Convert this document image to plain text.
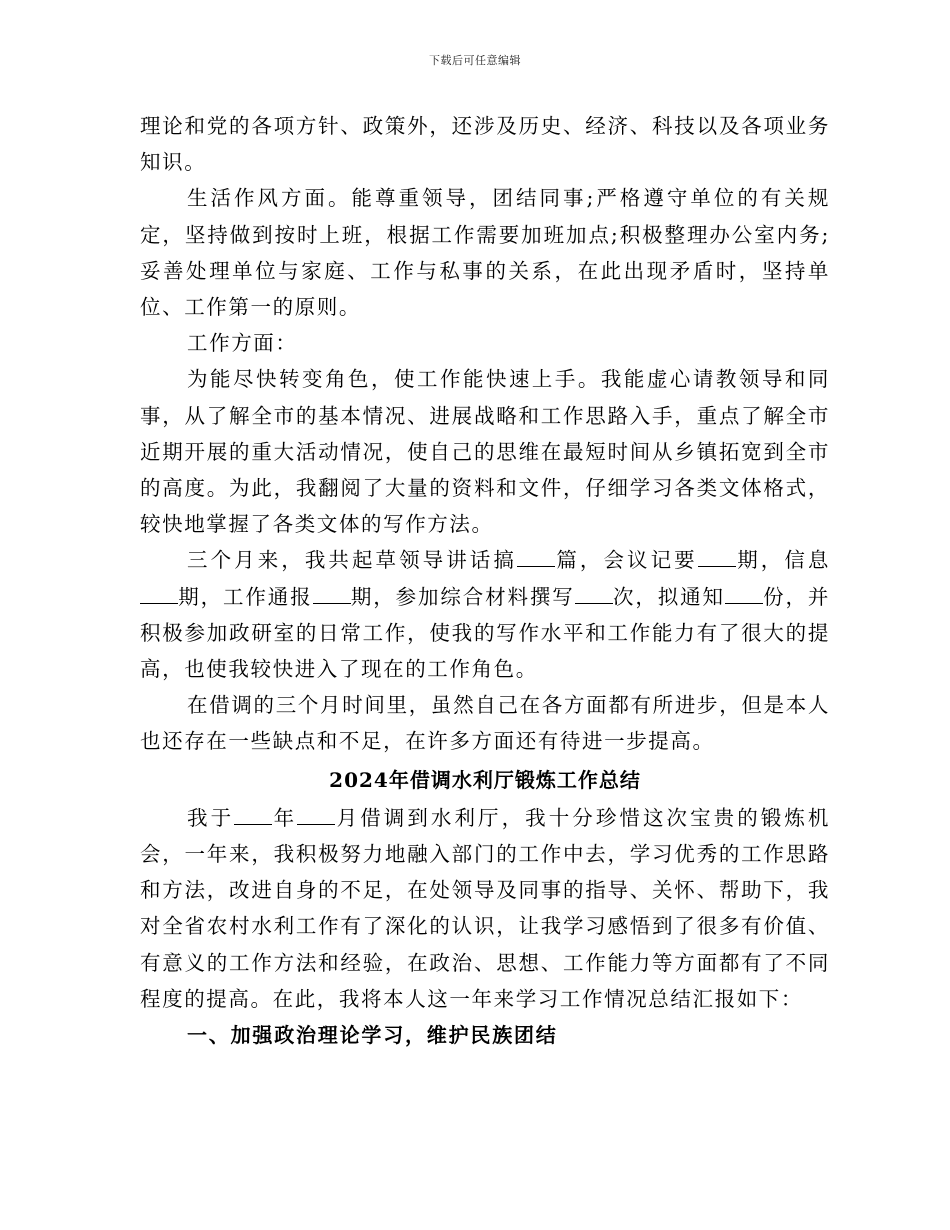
下载后可任意编辑

理论和党的各项方针、政策外，还涉及历史、经济、科技以及各项业务知识。

生活作风方面。能尊重领导，团结同事;严格遵守单位的有关规定，坚持做到按时上班，根据工作需要加班加点;积极整理办公室内务;妥善处理单位与家庭、工作与私事的关系，在此出现矛盾时，坚持单位、工作第一的原则。

工作方面：

为能尽快转变角色，使工作能快速上手。我能虚心请教领导和同事，从了解全市的基本情况、进展战略和工作思路入手，重点了解全市近期开展的重大活动情况，使自己的思维在最短时间从乡镇拓宽到全市的高度。为此，我翻阅了大量的资料和文件，仔细学习各类文体格式，较快地掌握了各类文体的写作方法。

三个月来，我共起草领导讲话搞 篇，会议记要 期，信息期，工作通报 期，参加综合材料撰写 次，拟通知 份，并积极参加政研室的日常工作，使我的写作水平和工作能力有了很大的提高，也使我较快进入了现在的工作角色。

在借调的三个月时间里，虽然自己在各方面都有所进步，但是本人也还存在一些缺点和不足，在许多方面还有待进一步提高。

2024年借调水利厅锻炼工作总结

我于 年 月借调到水利厅，我十分珍惜这次宝贵的锻炼机会，一年来，我积极努力地融入部门的工作中去，学习优秀的工作思路和方法，改进自身的不足，在处领导及同事的指导、关怀、帮助下，我对全省农村水利工作有了深化的认识，让我学习感悟到了很多有价值、有意义的工作方法和经验，在政治、思想、工作能力等方面都有了不同程度的提高。在此，我将本人这一年来学习工作情况总结汇报如下：

一、加强政治理论学习，维护民族团结
